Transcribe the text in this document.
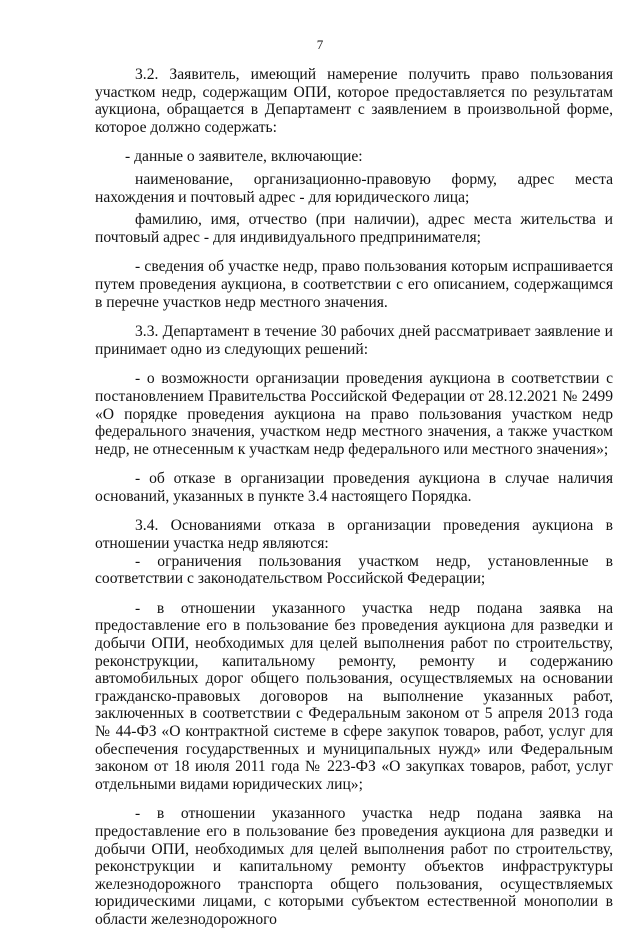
7

3.2. Заявитель, имеющий намерение получить право пользования участком недр, содержащим ОПИ, которое предоставляется по результатам аукциона, обращается в Департамент с заявлением в произвольной форме, которое должно содержать:

- данные о заявителе, включающие:

наименование, организационно-правовую форму, адрес места нахождения и почтовый адрес - для юридического лица;

фамилию, имя, отчество (при наличии), адрес места жительства и почтовый адрес - для индивидуального предпринимателя;

- сведения об участке недр, право пользования которым испрашивается путем проведения аукциона, в соответствии с его описанием, содержащимся в перечне участков недр местного значения.

3.3. Департамент в течение 30 рабочих дней рассматривает заявление и принимает одно из следующих решений:

- о возможности организации проведения аукциона в соответствии с постановлением Правительства Российской Федерации от 28.12.2021 № 2499 «О порядке проведения аукциона на право пользования участком недр федерального значения, участком недр местного значения, а также участком недр, не отнесенным к участкам недр федерального или местного значения»;

- об отказе в организации проведения аукциона в случае наличия оснований, указанных в пункте 3.4 настоящего Порядка.

3.4. Основаниями отказа в организации проведения аукциона в отношении участка недр являются:

- ограничения пользования участком недр, установленные в соответствии с законодательством Российской Федерации;

- в отношении указанного участка недр подана заявка на предоставление его в пользование без проведения аукциона для разведки и добычи ОПИ, необходимых для целей выполнения работ по строительству, реконструкции, капитальному ремонту, ремонту и содержанию автомобильных дорог общего пользования, осуществляемых на основании гражданско-правовых договоров на выполнение указанных работ, заключенных в соответствии с Федеральным законом от 5 апреля 2013 года № 44-ФЗ «О контрактной системе в сфере закупок товаров, работ, услуг для обеспечения государственных и муниципальных нужд» или Федеральным законом от 18 июля 2011 года № 223-ФЗ «О закупках товаров, работ, услуг отдельными видами юридических лиц»;

- в отношении указанного участка недр подана заявка на предоставление его в пользование без проведения аукциона для разведки и добычи ОПИ, необходимых для целей выполнения работ по строительству, реконструкции и капитальному ремонту объектов инфраструктуры железнодорожного транспорта общего пользования, осуществляемых юридическими лицами, с которыми субъектом естественной монополии в области железнодорожного
